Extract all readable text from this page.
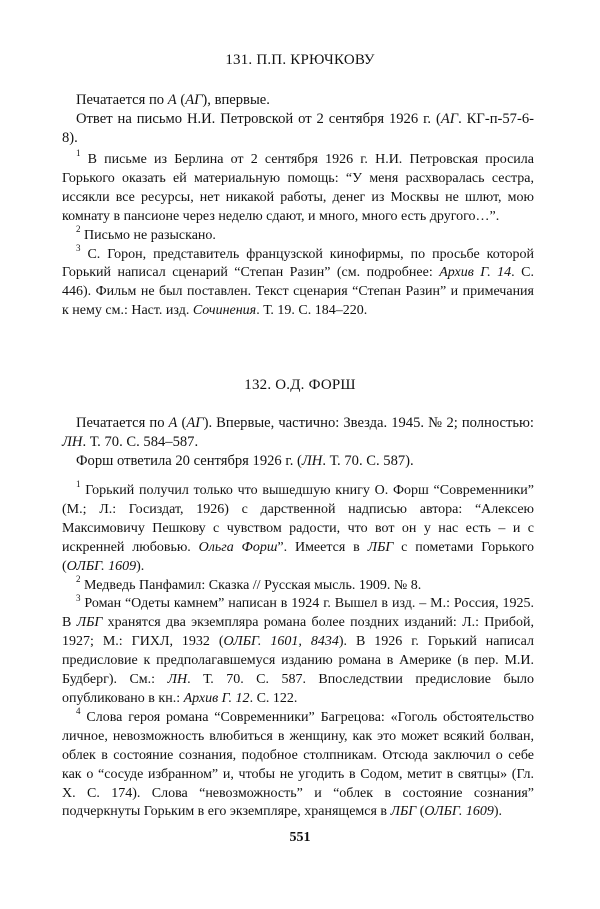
131. П.П. КРЮЧКОВУ

Печатается по А (АГ), впервые.

Ответ на письмо Н.И. Петровской от 2 сентября 1926 г. (АГ. КГ-п-57-6-8).

$^1$ В письме из Берлина от 2 сентября 1926 г. Н.И. Петровская просила Горького оказать ей материальную помощь: “У меня расхворалась сестра, иссякли все ресурсы, нет никакой работы, денег из Москвы не шлют, мою комнату в пансионе через неделю сдают, и много, много есть другого…”.

$^2$ Письмо не разыскано.

$^3$ С. Горон, представитель французской кинофирмы, по просьбе которой Горький написал сценарий “Степан Разин” (см. подробнее: Архив Г. 14. С. 446). Фильм не был поставлен. Текст сценария “Степан Разин” и примечания к нему см.: Наст. изд. Сочинения. Т. 19. С. 184–220.

132. О.Д. ФОРШ

Печатается по А (АГ). Впервые, частично: Звезда. 1945. № 2; полностью: ЛН. Т. 70. С. 584–587.

Форш ответила 20 сентября 1926 г. (ЛН. Т. 70. С. 587).

$^1$ Горький получил только что вышедшую книгу О. Форш “Современники” (М.; Л.: Госиздат, 1926) с дарственной надписью автора: “Алексею Максимовичу Пешкову с чувством радости, что вот он у нас есть – и с искренней любовью. Ольга Форш”. Имеется в ЛБГ с пометами Горького (ОЛБГ. 1609).

$^2$ Медведь Панфамил: Сказка // Русская мысль. 1909. № 8.

$^3$ Роман “Одеты камнем” написан в 1924 г. Вышел в изд. – М.: Россия, 1925. В ЛБГ хранятся два экземпляра романа более поздних изданий: Л.: Прибой, 1927; М.: ГИХЛ, 1932 (ОЛБГ. 1601, 8434). В 1926 г. Горький написал предисловие к предполагавшемуся изданию романа в Америке (в пер. М.И. Будберг). См.: ЛН. Т. 70. С. 587. Впоследствии предисловие было опубликовано в кн.: Архив Г. 12. С. 122.

$^4$ Слова героя романа “Современники” Багрецова: «Гоголь обстоятельство личное, невозможность влюбиться в женщину, как это может всякий болван, облек в состояние сознания, подобное столпникам. Отсюда заключил о себе как о “сосуде избранном” и, чтобы не угодить в Содом, метит в святцы» (Гл. X. С. 174). Слова “невозможность” и “облек в состояние сознания” подчеркнуты Горьким в его экземпляре, хранящемся в ЛБГ (ОЛБГ. 1609).

551
